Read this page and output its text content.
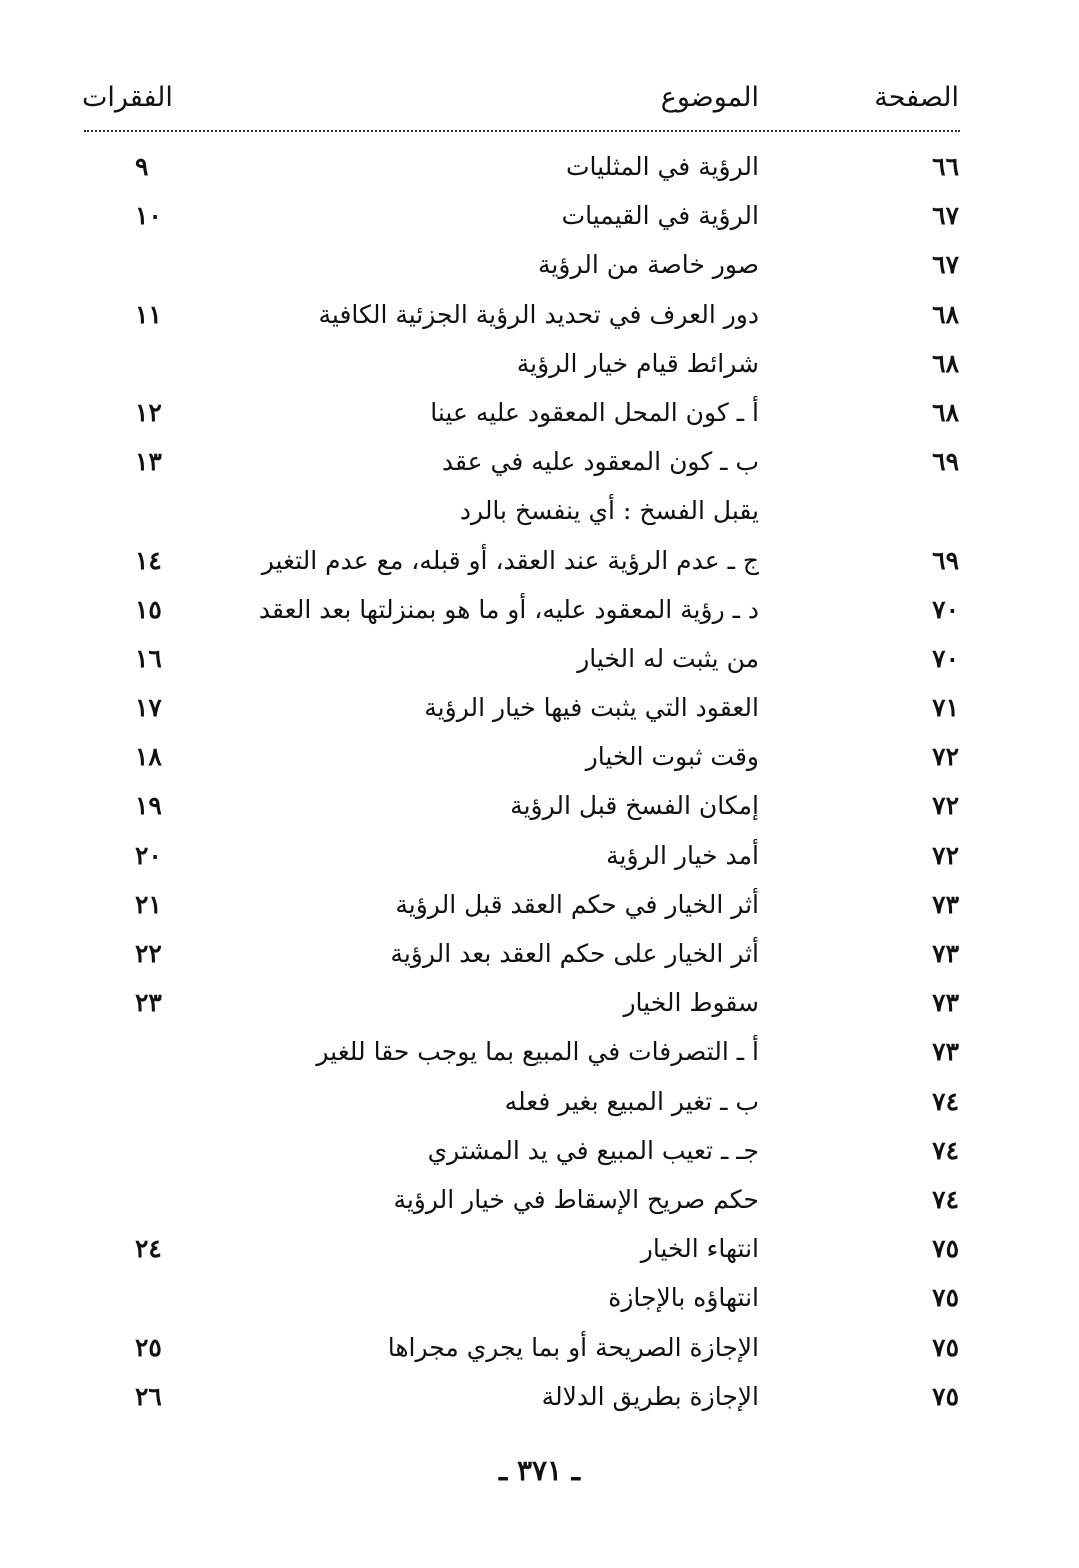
الصفحة
الموضوع
الفقرات
٦٦
الرؤية في المثليات
٩
٦٧
الرؤية في القيميات
١٠
٦٧
صور خاصة من الرؤية
٦٨
دور العرف في تحديد الرؤية الجزئية الكافية
١١
٦٨
شرائط قيام خيار الرؤية
٦٨
أ ـ كون المحل المعقود عليه عينا
١٢
٦٩
ب ـ كون المعقود عليه في عقد
١٣
يقبل الفسخ : أي ينفسخ بالرد
٦٩
ج ـ عدم الرؤية عند العقد، أو قبله، مع عدم التغير
١٤
٧٠
د ـ رؤية المعقود عليه، أو ما هو بمنزلتها بعد العقد
١٥
٧٠
من يثبت له الخيار
١٦
٧١
العقود التي يثبت فيها خيار الرؤية
١٧
٧٢
وقت ثبوت الخيار
١٨
٧٢
إمكان الفسخ قبل الرؤية
١٩
٧٢
أمد خيار الرؤية
٢٠
٧٣
أثر الخيار في حكم العقد قبل الرؤية
٢١
٧٣
أثر الخيار على حكم العقد بعد الرؤية
٢٢
٧٣
سقوط الخيار
٢٣
٧٣
أ ـ التصرفات في المبيع بما يوجب حقا للغير
٧٤
ب ـ تغير المبيع بغير فعله
٧٤
جـ ـ تعيب المبيع في يد المشتري
٧٤
حكم صريح الإسقاط في خيار الرؤية
٧٥
انتهاء الخيار
٢٤
٧٥
انتهاؤه بالإجازة
٧٥
الإجازة الصريحة أو بما يجري مجراها
٢٥
٧٥
الإجازة بطريق الدلالة
٢٦
ـ ٣٧١ ـ
